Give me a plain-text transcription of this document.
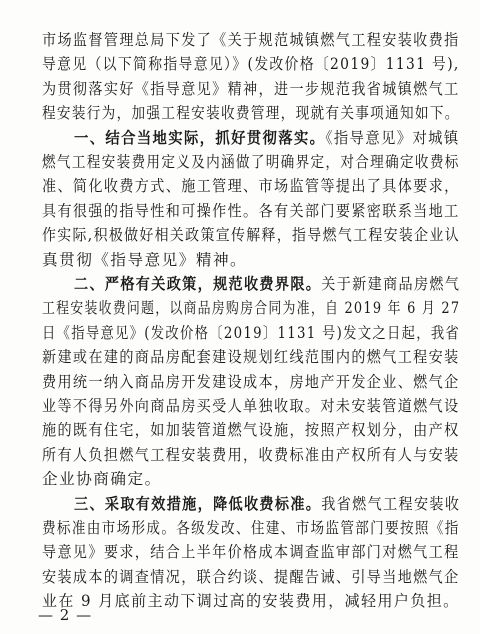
市场监督管理总局下发了《关于规范城镇燃气工程安装收费指
导意见（以下简称指导意见）》(发改价格〔2019〕1131 号),
为贯彻落实好《指导意见》精神，进一步规范我省城镇燃气工
程安装行为，加强工程安装收费管理，现就有关事项通知如下。
一、结合当地实际，抓好贯彻落实。《指导意见》对城镇
燃气工程安装费用定义及内涵做了明确界定，对合理确定收费标
准、简化收费方式、施工管理、市场监管等提出了具体要求，
具有很强的指导性和可操作性。各有关部门要紧密联系当地工
作实际,积极做好相关政策宣传解释，指导燃气工程安装企业认
真贯彻《指导意见》精神。
二、严格有关政策，规范收费界限。关于新建商品房燃气
工程安装收费问题，以商品房购房合同为准，自 2019 年 6 月 27
日《指导意见》(发改价格〔2019〕1131 号)发文之日起，我省
新建或在建的商品房配套建设规划红线范围内的燃气工程安装
费用统一纳入商品房开发建设成本，房地产开发企业、燃气企
业等不得另外向商品房买受人单独收取。对未安装管道燃气设
施的既有住宅，如加装管道燃气设施，按照产权划分，由产权
所有人负担燃气工程安装费用，收费标准由产权所有人与安装
企业协商确定。
三、采取有效措施，降低收费标准。我省燃气工程安装收
费标准由市场形成。各级发改、住建、市场监管部门要按照《指
导意见》要求，结合上半年价格成本调查监审部门对燃气工程
安装成本的调查情况，联合约谈、提醒告诫、引导当地燃气企
业在 9 月底前主动下调过高的安装费用，减轻用户负担。
— 2 —
